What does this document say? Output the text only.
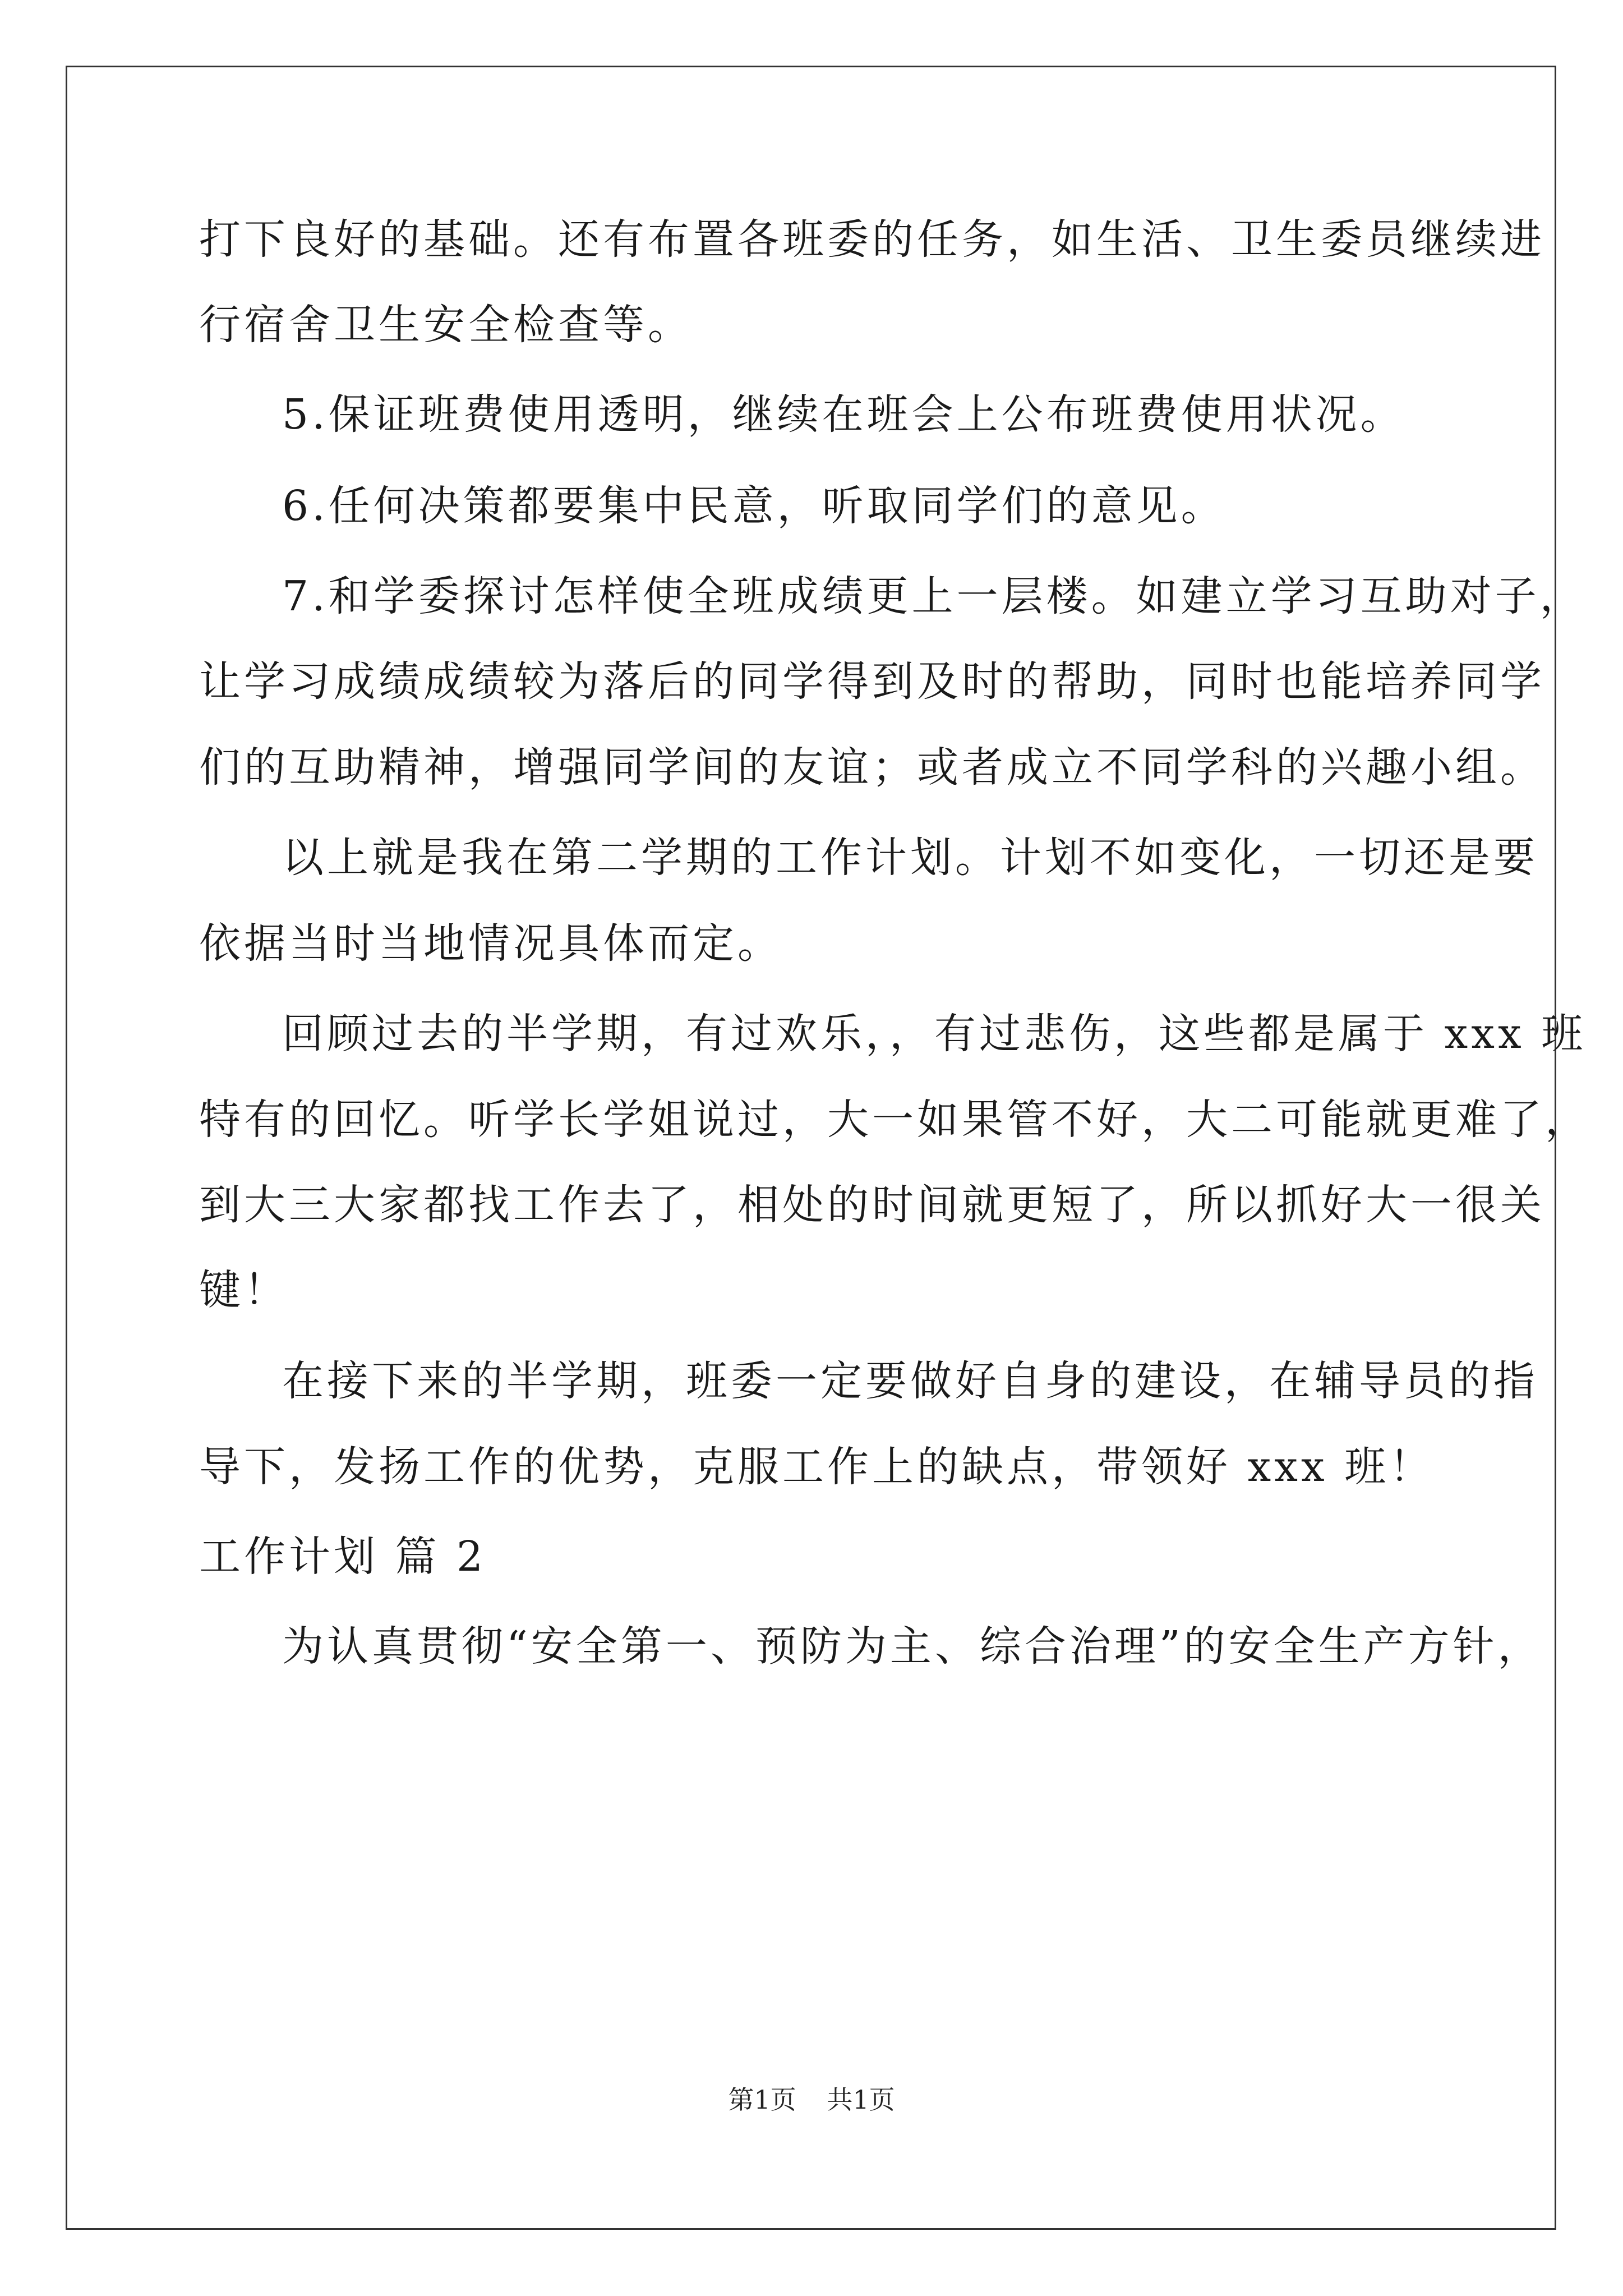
打下良好的基础。还有布置各班委的任务，如生活、卫生委员继续进
行宿舍卫生安全检查等。
5.保证班费使用透明，继续在班会上公布班费使用状况。
6.任何决策都要集中民意，听取同学们的意见。
7.和学委探讨怎样使全班成绩更上一层楼。如建立学习互助对子，
让学习成绩成绩较为落后的同学得到及时的帮助，同时也能培养同学
们的互助精神，增强同学间的友谊；或者成立不同学科的兴趣小组。
以上就是我在第二学期的工作计划。计划不如变化，一切还是要
依据当时当地情况具体而定。
回顾过去的半学期，有过欢乐，，有过悲伤，这些都是属于 xxx 班
特有的回忆。听学长学姐说过，大一如果管不好，大二可能就更难了，
到大三大家都找工作去了，相处的时间就更短了，所以抓好大一很关
键！
在接下来的半学期，班委一定要做好自身的建设，在辅导员的指
导下，发扬工作的优势，克服工作上的缺点，带领好 xxx 班！
工作计划 篇 2
为认真贯彻“安全第一、预防为主、综合治理”的安全生产方针，
第1页 共1页
